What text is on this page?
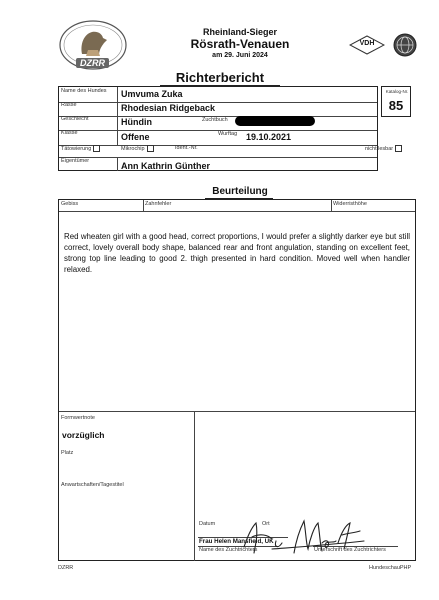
DZRR
Rheinland-Sieger
Rösrath-Venauen
am 29. Juni 2024
VDH
Richterbericht
Katalog-Nr.
85
Name des Hundes Umvuma Zuka
Rasse	Rhodesian Ridgeback
Geschlecht	Hündin	Zuchtbuch
Klasse	Offene	Wurftag 19.10.2021
Tätowierung	Mikrochip	Ident.-Nr.	nicht lesbar
Eigentümer	Ann Kathrin Günther
Beurteilung
Gebiss	Zahnfehler	Widerristhöhe
Red wheaten girl with a good head, correct proportions, I would prefer a slightly darker eye but still correct, lovely overall body shape, balanced rear and front angulation, standing on excellent feet, strong top line leading to good 2. thigh presented in hard condition. Moved well when handler relaxed.
Formwertnote
vorzüglich
Platz
Anwartschaften/Tagestitel
Datum	Ort
Frau Helen Mansfield, UK
Name des Zuchtrichters	Unterschrift des Zuchtrichters
DZRR	HundeschauPHP
